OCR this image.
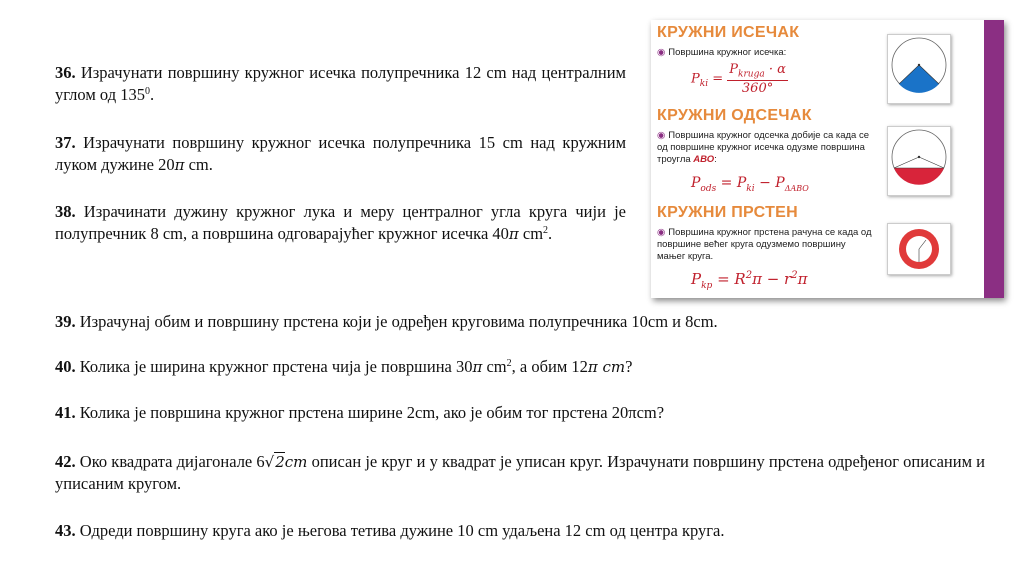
36. Израчунати површину кружног исечка полупречника 12 cm над централним углом од $135^0$.
37. Израчунати површину кружног исечка полупречника 15 cm над кружним луком дужине 20π cm.
38. Израчинати дужину кружног лука и меру централног угла круга чији је полупречник 8 cm, а површина одговарајућег кружног исечка 40π $cm^2$.
39. Израчунај обим и површину прстена који је одређен круговима полупречника 10cm и 8cm.
40. Колика је ширина кружног прстена чија је површина 30π $cm^2$, а обим 12π cm?
41. Колика је површина кружног прстена ширине 2cm, ако је обим тог прстена 20πcm?
42. Око квадрата дијагонале 6√2cm описан је круг и у квадрат је уписан круг. Израчунати површину прстена одређеног описаним и уписаним кругом.
43. Одреди површину круга ако је његова тетива дужине 10 cm удаљена 12 cm од центра круга.
КРУЖНИ ИСЕЧАК
◉ Површина кружног исечка:
$P_{ki} = \frac{P_{kruga} \cdot \alpha}{360^\circ}$
КРУЖНИ ОДСЕЧАК
◉ Површина кружног одсечка добије са када се од површине кружног исечка одузме површина троугла АВО:
$P_{ods} = P_{ki} - P_{\Delta ABO}$
КРУЖНИ ПРСТЕН
◉ Површина кружног прстена рачуна се када од површине већег круга одузмемо површину мањег круга.
$P_{kp} = R^2\pi - r^2\pi$
